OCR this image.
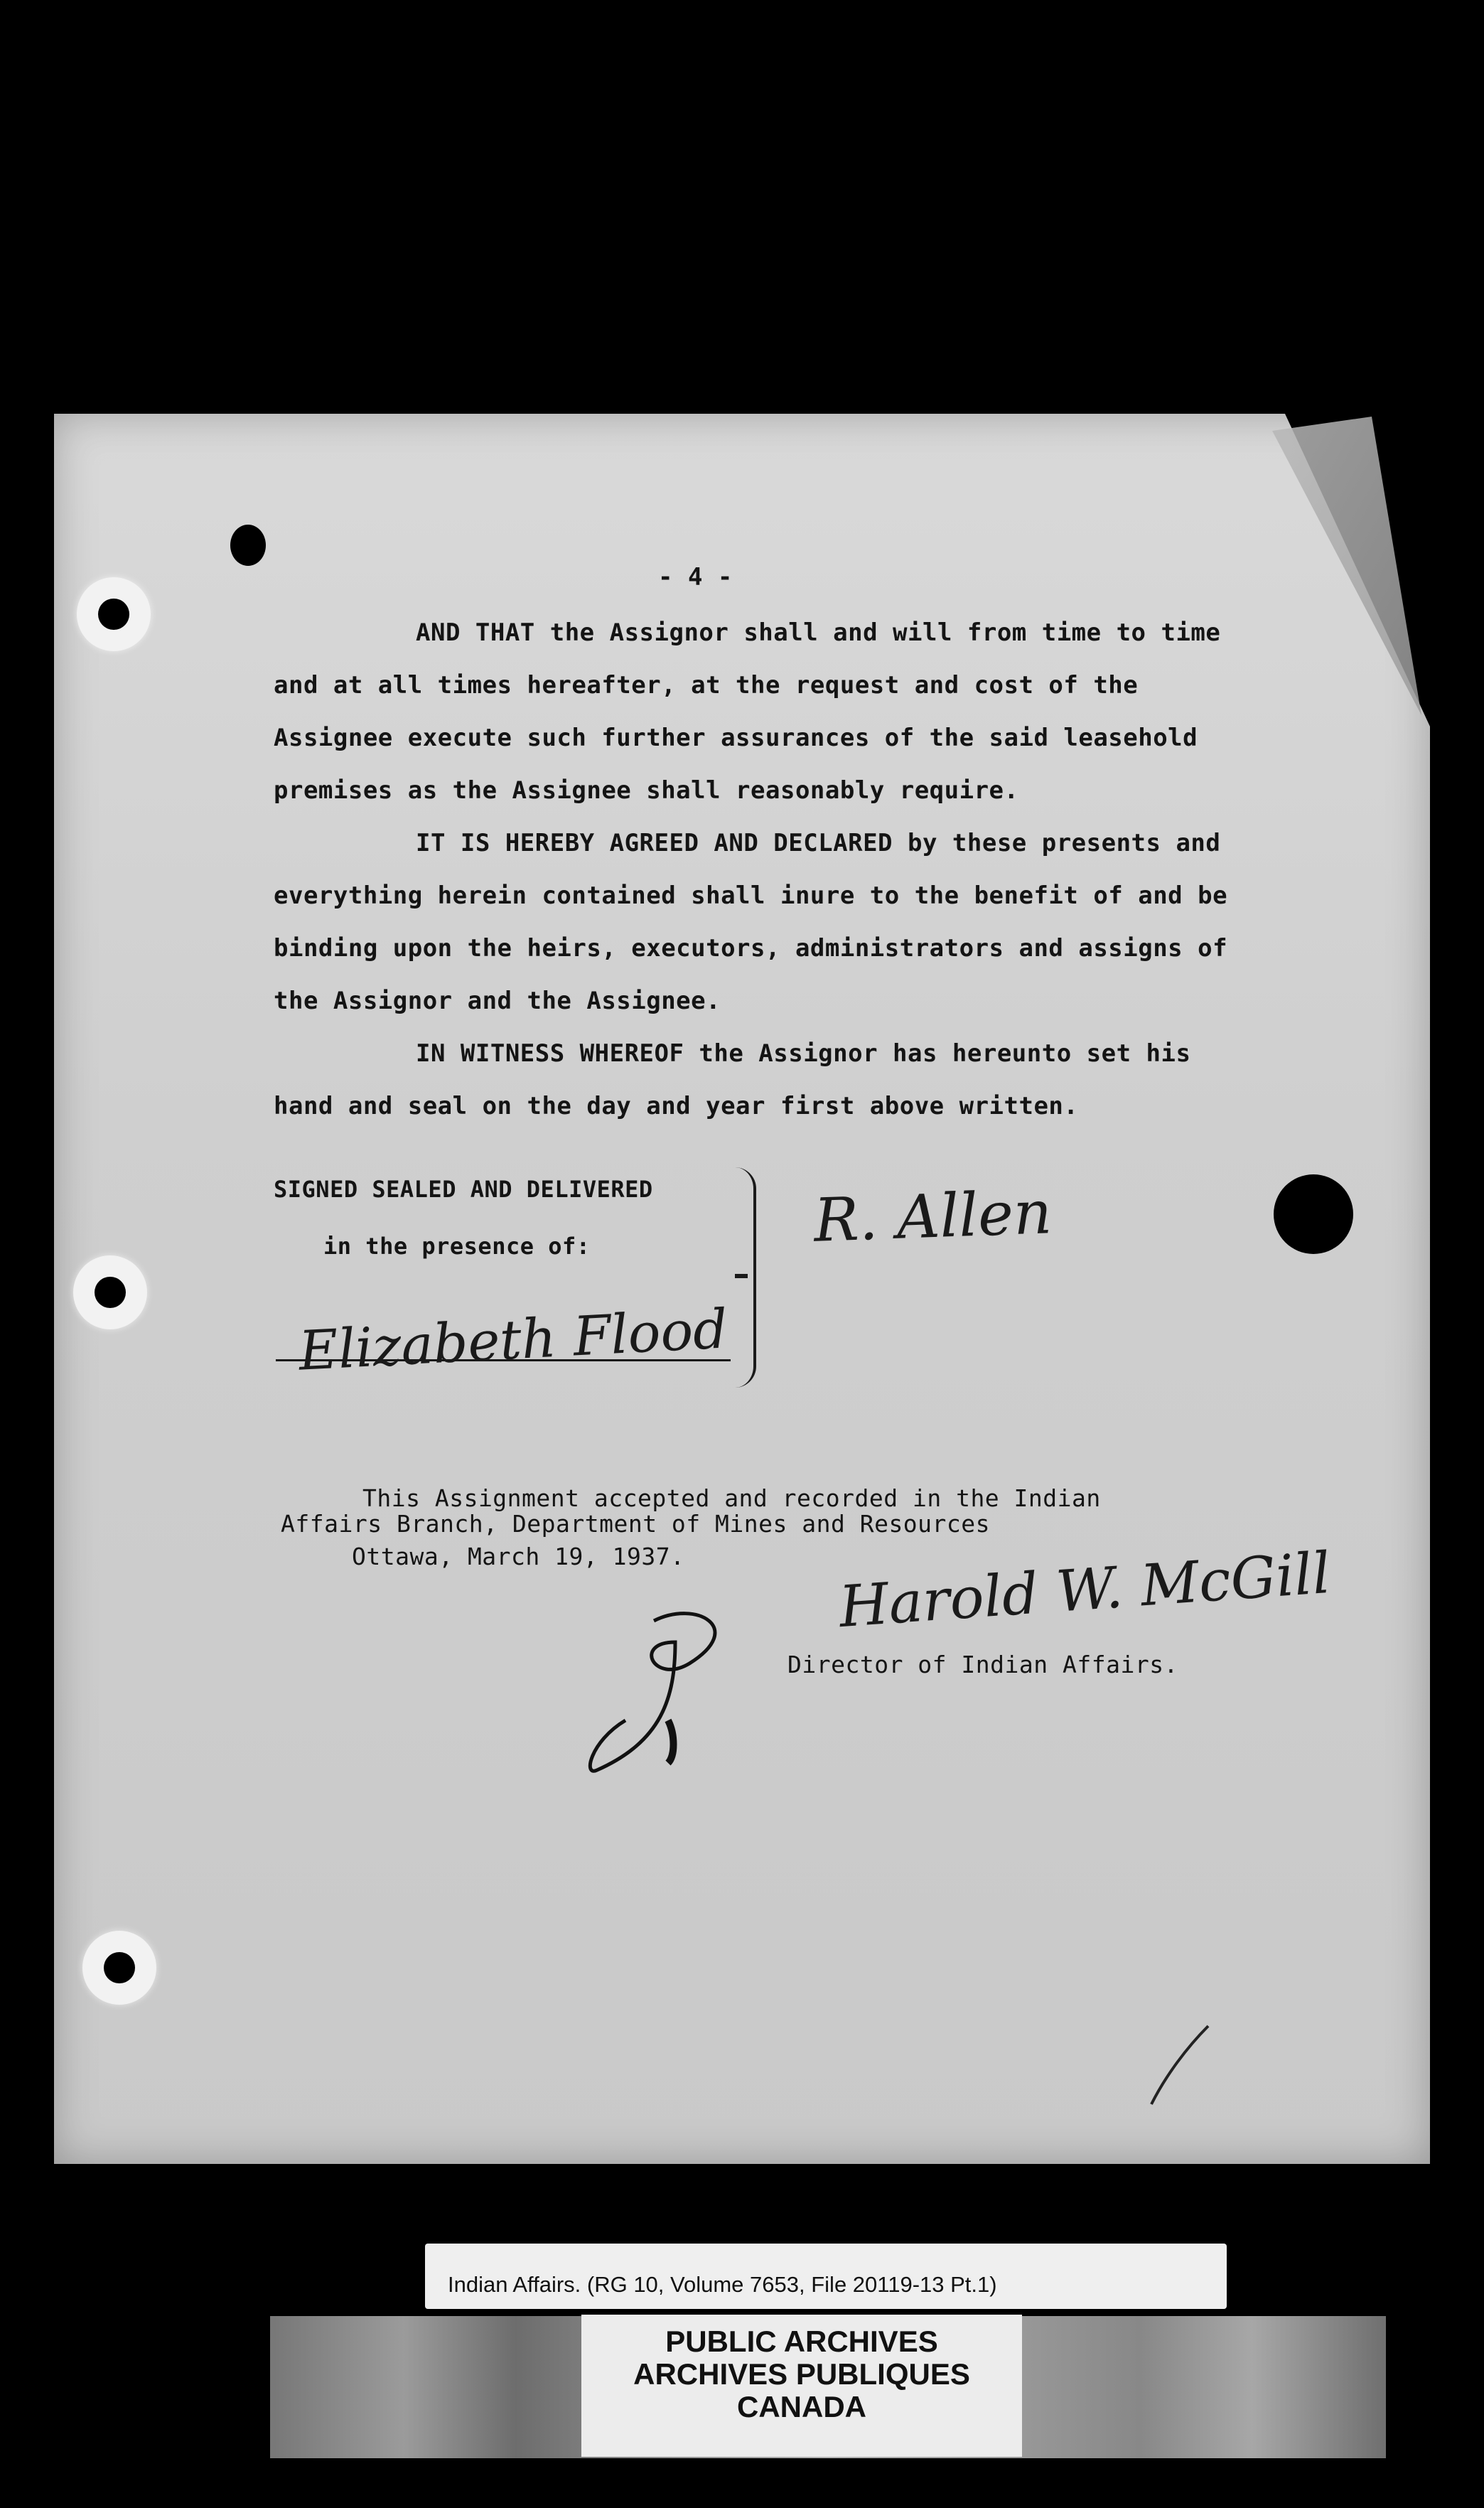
- 4 -
AND THAT the Assignor shall and will from time to time
and at all times hereafter, at the request and cost of the
Assignee execute such further assurances of the said leasehold
premises as the Assignee shall reasonably require.
IT IS HEREBY AGREED AND DECLARED by these presents and
everything herein contained shall inure to the benefit of and be
binding upon the heirs, executors, administrators and assigns of
the Assignor and the Assignee.
IN WITNESS WHEREOF the Assignor has hereunto set his
hand and seal on the day and year first above written.
SIGNED SEALED AND DELIVERED
in the presence of:
Elizabeth Flood
R. Allen
This Assignment accepted and recorded in the Indian
Affairs Branch, Department of Mines and Resources
Ottawa, March 19, 1937.	Harold W. McGill
Director of Indian Affairs.
Indian Affairs. (RG 10, Volume 7653, File 20119-13 Pt.1)
PUBLIC ARCHIVES
ARCHIVES PUBLIQUES
CANADA
